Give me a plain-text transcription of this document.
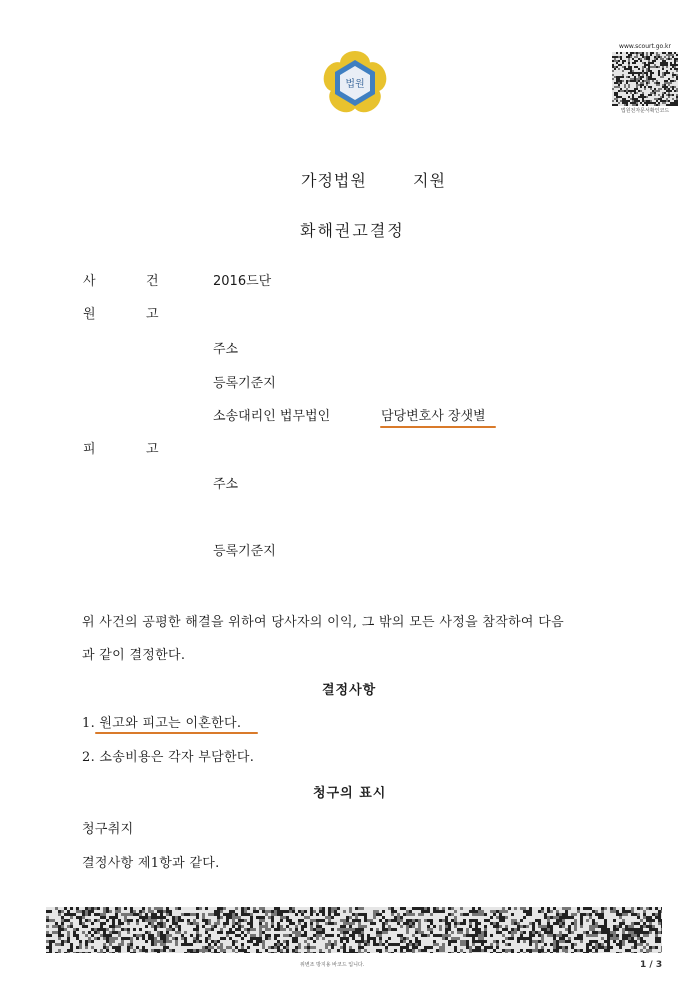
법원
www.scourt.go.kr
법원전자문서확인코드
가정법원	지원
화해권고결정
사	건	2016드단
원	고
주소
등록기준지
소송대리인 법무법인	담당변호사 장샛별
피	고
주소
등록기준지
위 사건의 공평한 해결을 위하여 당사자의 이익, 그 밖의 모든 사정을 참작하여 다음
과 같이 결정한다.
결정사항
1. 원고와 피고는 이혼한다.
2. 소송비용은 각자 부담한다.
청구의 표시
청구취지
결정사항 제1항과 같다.
위변조 방지용 바코드 입니다.	1 / 3
